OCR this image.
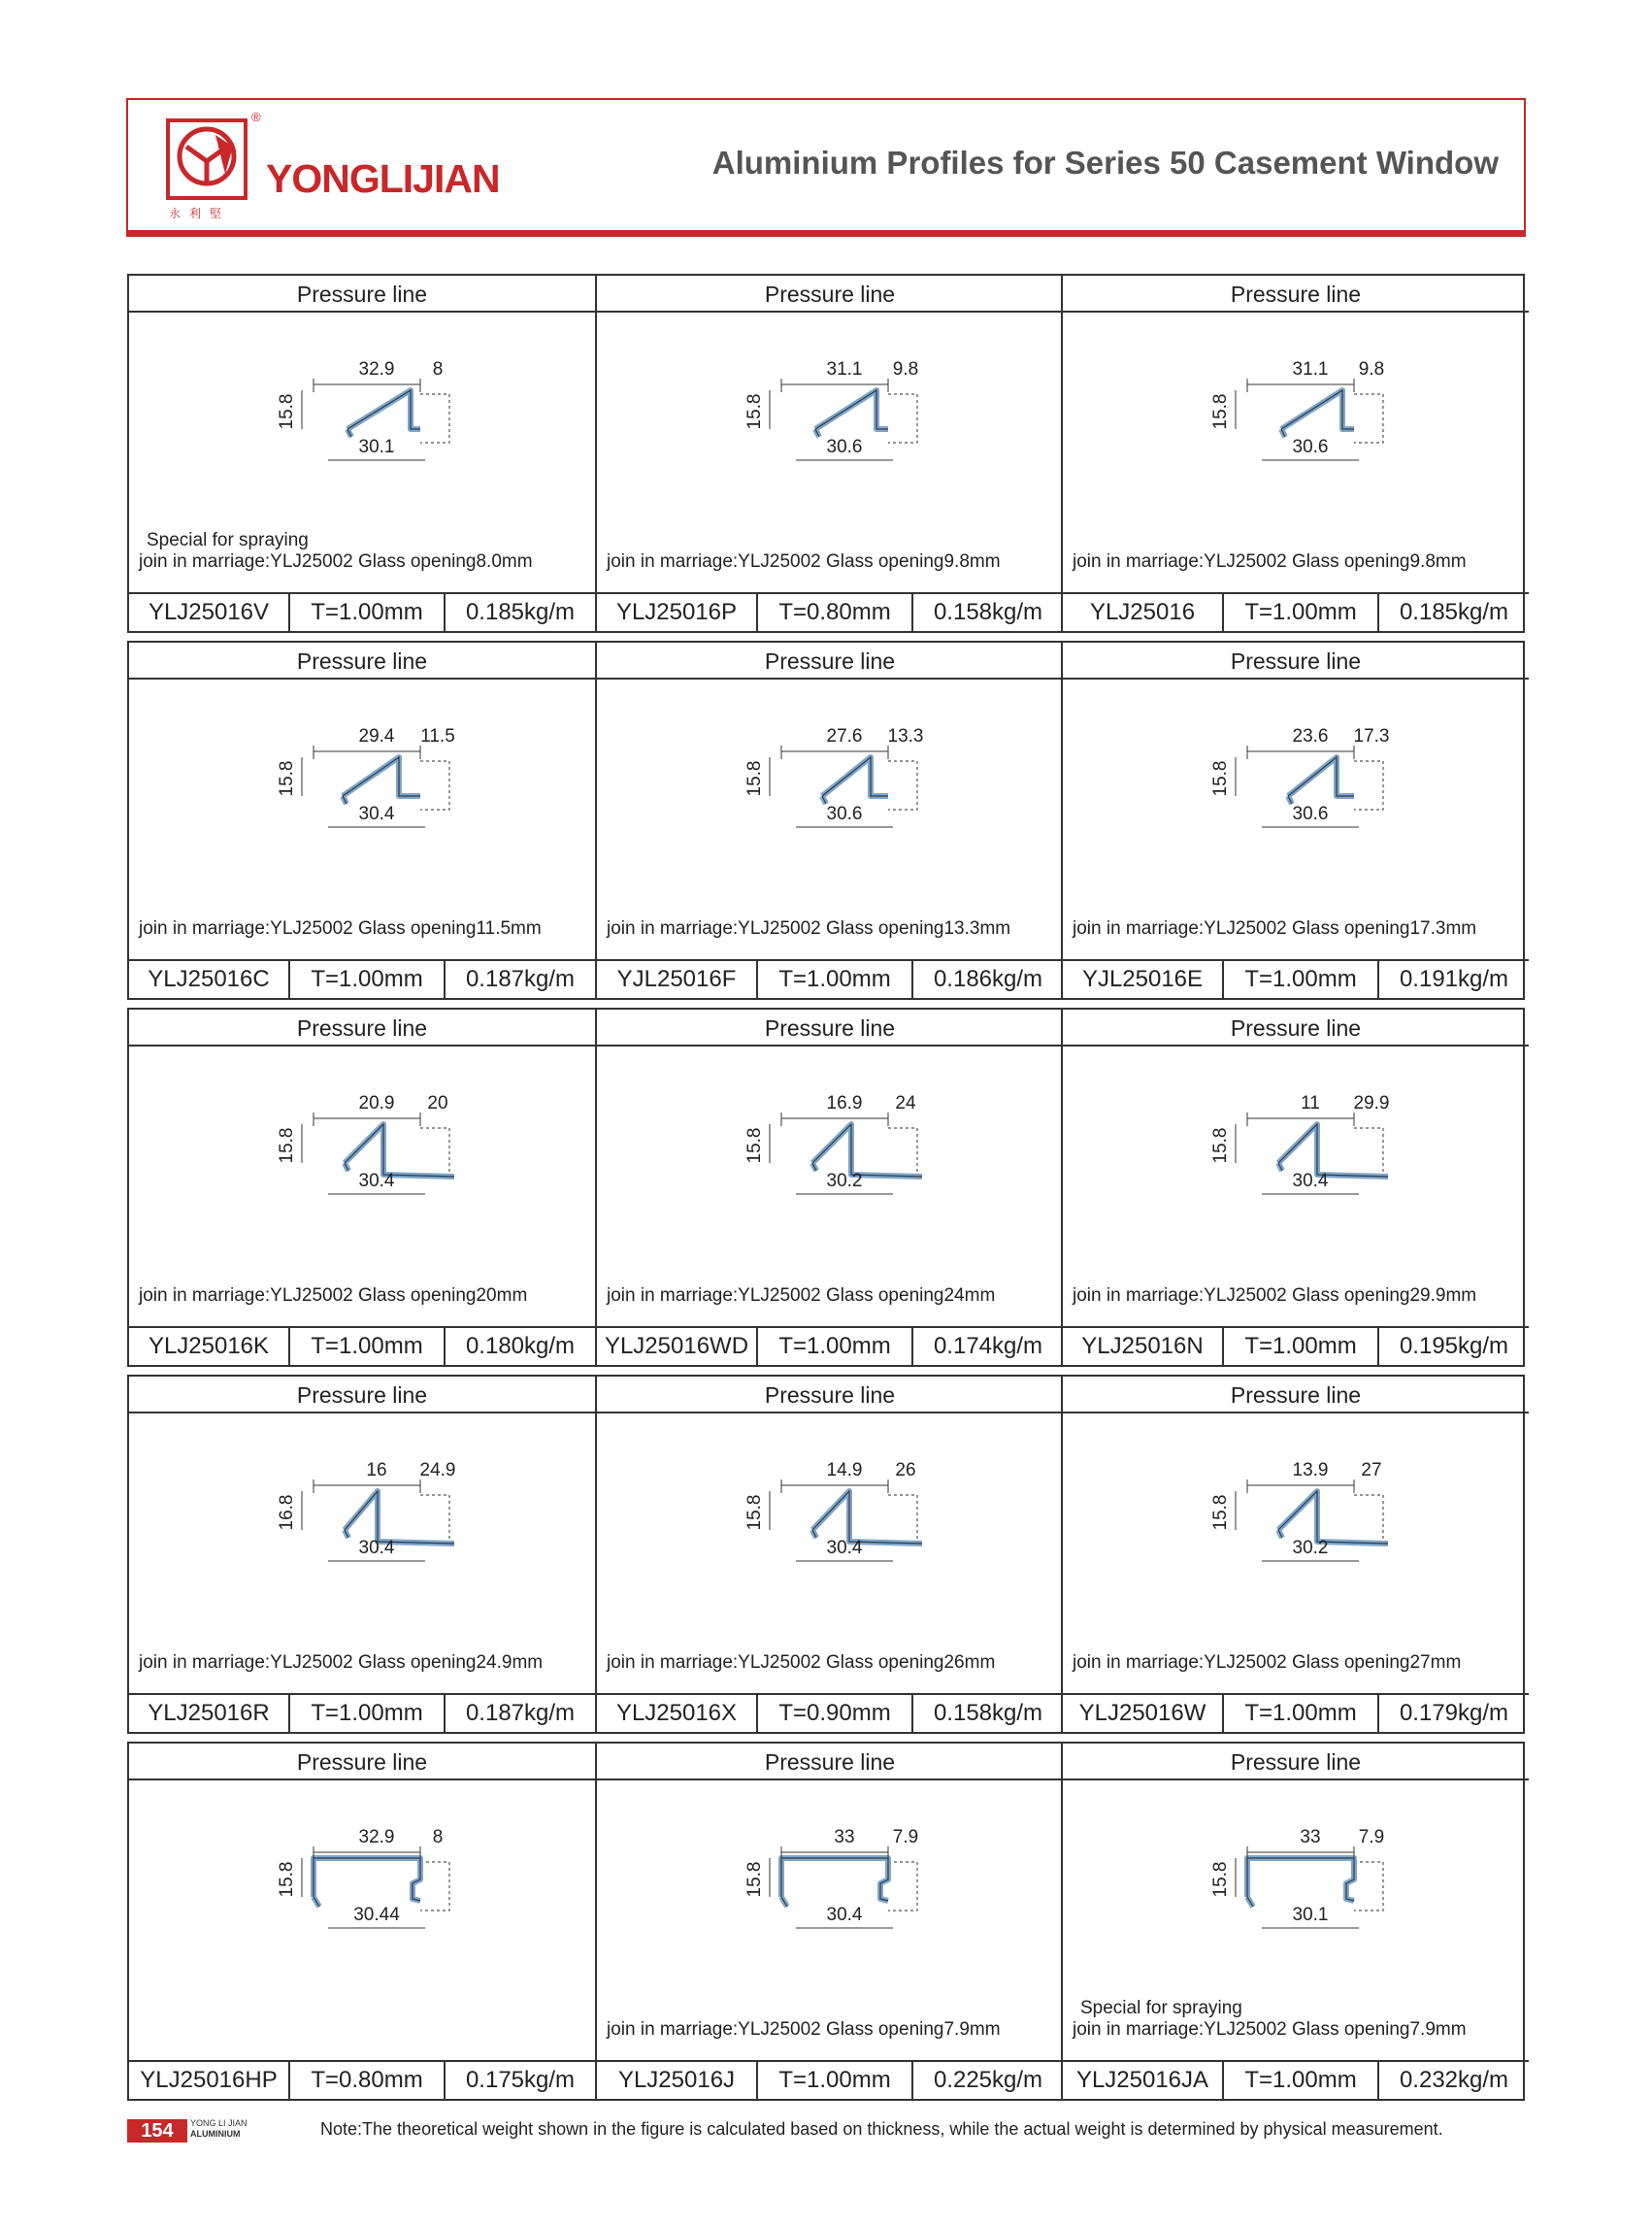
®
YONGLIJIAN
永利堅
Aluminium Profiles for Series 50 Casement Window
Pressure line
32.9 8
15.8
30.1
Special for spraying
join in marriage:YLJ25002 Glass opening8.0mm
YLJ25016V	T=1.00mm	0.185kg/m
Pressure line
31.1 9.8
15.8
30.6
join in marriage:YLJ25002 Glass opening9.8mm
YLJ25016P	T=0.80mm	0.158kg/m
Pressure line
31.1 9.8
15.8
30.6
join in marriage:YLJ25002 Glass opening9.8mm
YLJ25016	T=1.00mm	0.185kg/m
Pressure line
29.4 11.5
15.8
30.4
join in marriage:YLJ25002 Glass opening11.5mm
YLJ25016C	T=1.00mm	0.187kg/m
Pressure line
27.6 13.3
15.8
30.6
join in marriage:YLJ25002 Glass opening13.3mm
YJL25016F	T=1.00mm	0.186kg/m
Pressure line
23.6 17.3
15.8
30.6
join in marriage:YLJ25002 Glass opening17.3mm
YJL25016E	T=1.00mm	0.191kg/m
Pressure line
20.9 20
15.8
30.4
join in marriage:YLJ25002 Glass opening20mm
YLJ25016K	T=1.00mm	0.180kg/m
Pressure line
16.9 24
15.8
30.2
join in marriage:YLJ25002 Glass opening24mm
YLJ25016WD	T=1.00mm	0.174kg/m
Pressure line
11 29.9
15.8
30.4
join in marriage:YLJ25002 Glass opening29.9mm
YLJ25016N	T=1.00mm	0.195kg/m
Pressure line
16 24.9
16.8
30.4
join in marriage:YLJ25002 Glass opening24.9mm
YLJ25016R	T=1.00mm	0.187kg/m
Pressure line
14.9 26
15.8
30.4
join in marriage:YLJ25002 Glass opening26mm
YLJ25016X	T=0.90mm	0.158kg/m
Pressure line
13.9 27
15.8
30.2
join in marriage:YLJ25002 Glass opening27mm
YLJ25016W	T=1.00mm	0.179kg/m
Pressure line
32.9 8
15.8
30.44
YLJ25016HP	T=0.80mm	0.175kg/m
Pressure line
33 7.9
15.8
30.4
join in marriage:YLJ25002 Glass opening7.9mm
YLJ25016J	T=1.00mm	0.225kg/m
Pressure line
33 7.9
15.8
30.1
Special for spraying
join in marriage:YLJ25002 Glass opening7.9mm
YLJ25016JA	T=1.00mm	0.232kg/m
154	YONG LI JIAN
ALUMINIUM	Note:The theoretical weight shown in the figure is calculated based on thickness, while the actual weight is determined by physical measurement.
